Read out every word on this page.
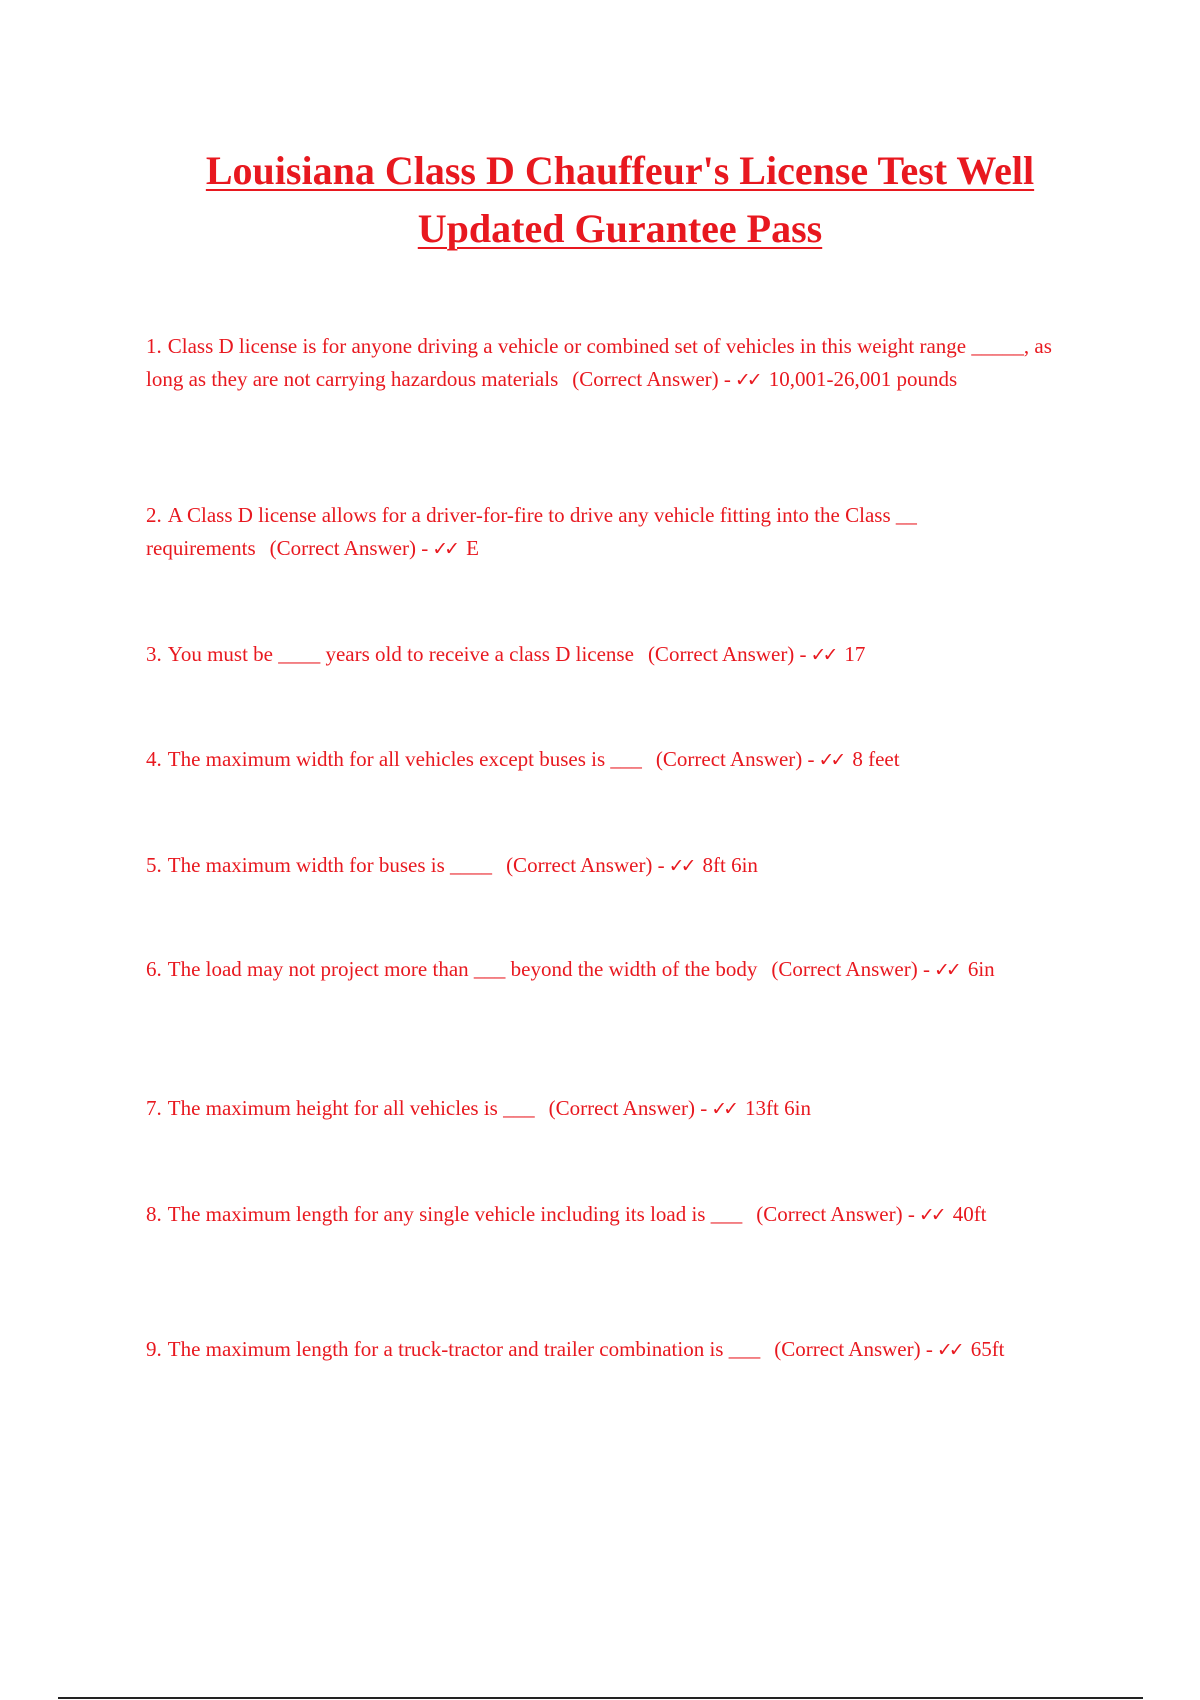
Louisiana Class D Chauffeur's License Test Well
Updated Gurantee Pass

1. Class D license is for anyone driving a vehicle or combined set of vehicles in this weight range _____, as long as they are not carrying hazardous materials (Correct Answer) - ✓✓ 10,001-26,001 pounds

2. A Class D license allows for a driver-for-fire to drive any vehicle fitting into the Class __ requirements (Correct Answer) - ✓✓ E

3. You must be ____ years old to receive a class D license (Correct Answer) - ✓✓ 17

4. The maximum width for all vehicles except buses is ___ (Correct Answer) - ✓✓ 8 feet

5. The maximum width for buses is ____ (Correct Answer) - ✓✓ 8ft 6in

6. The load may not project more than ___ beyond the width of the body (Correct Answer) - ✓✓ 6in

7. The maximum height for all vehicles is ___ (Correct Answer) - ✓✓ 13ft 6in

8. The maximum length for any single vehicle including its load is ___ (Correct Answer) - ✓✓ 40ft

9. The maximum length for a truck-tractor and trailer combination is ___ (Correct Answer) - ✓✓ 65ft
